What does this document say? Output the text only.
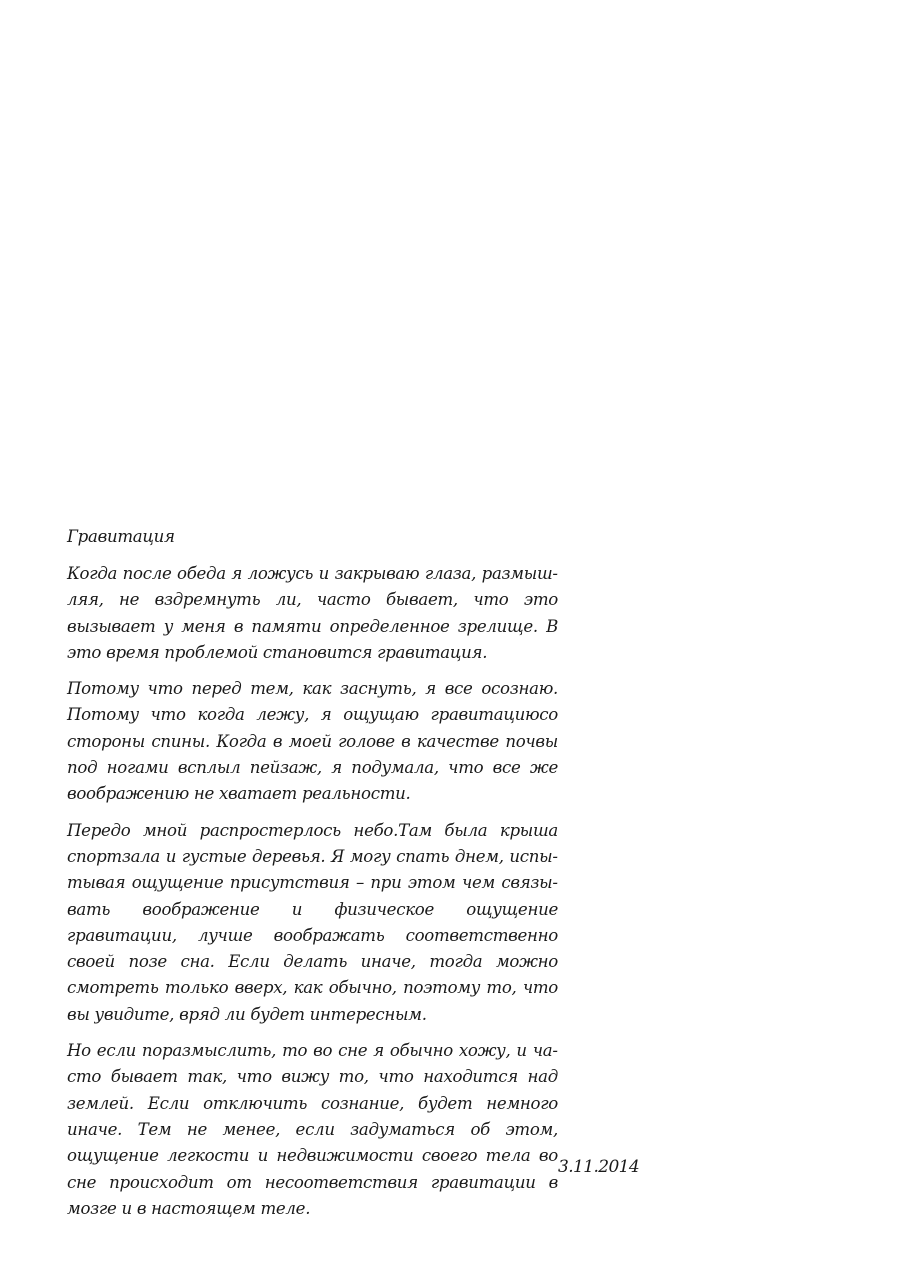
Гравитация

Когда после обеда я ложусь и закрываю глаза, размышляя, не вздремнуть ли, часто бывает, что это вызывает у меня в памяти определенное зрелище. В это время проблемой становится гравитация.

Потому что перед тем, как заснуть, я все осознаю. Потому что когда лежу, я ощущаю гравитациюсо стороны спины. Когда в моей голове в качестве почвы под ногами всплыл пейзаж, я подумала, что все же воображению не хватает реальности.

Передо мной распростерлось небо.Там была крыша спортзала и густые деревья. Я могу спать днем, испытывая ощущение присутствия – при этом чем связывать воображение и физическое ощущение гравитации, лучше воображать соответственно своей позе сна. Если делать иначе, тогда можно смотреть только вверх, как обычно, поэтому то, что вы увидите, вряд ли будет интересным.

Но если поразмыслить, то во сне я обычно хожу, и часто бывает так, что вижу то, что находится над землей. Если отключить сознание, будет немного иначе. Тем не менее, если задуматься об этом, ощущение легкости и недвижимости своего тела во сне происходит от несоответствия гравитации в мозге и в настоящем теле.

3.11.2014
